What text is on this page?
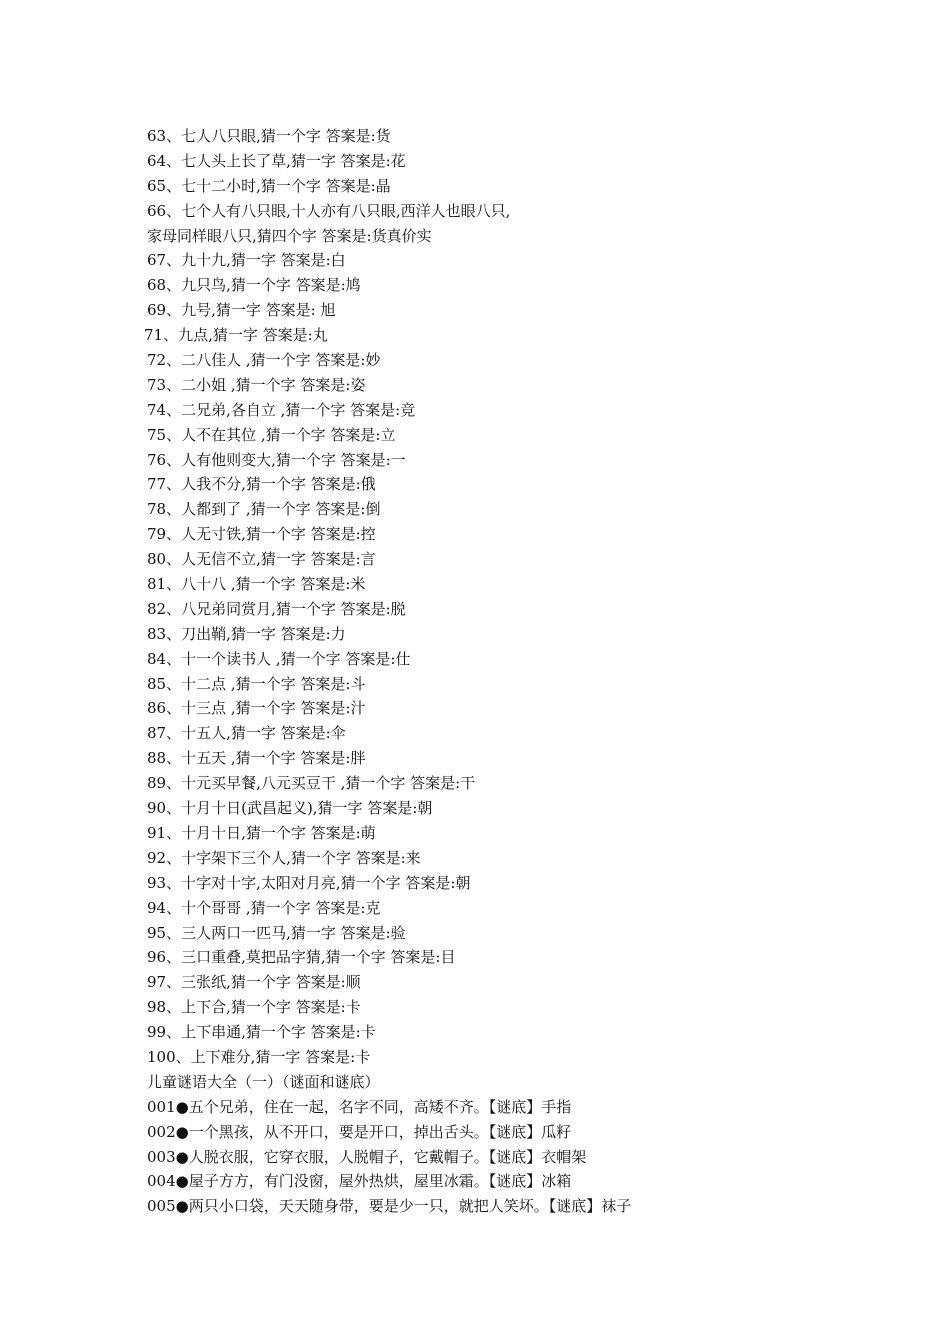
63、七人八只眼,猜一个字 答案是:货
64、七人头上长了草,猜一字 答案是:花
65、七十二小时,猜一个字 答案是:晶
66、七个人有八只眼,十人亦有八只眼,西洋人也眼八只,
家母同样眼八只,猜四个字 答案是:货真价实
67、九十九,猜一字 答案是:白
68、九只鸟,猜一个字 答案是:鸠
69、九号,猜一字 答案是: 旭
71、九点,猜一字 答案是:丸
72、二八佳人 ,猜一个字 答案是:妙
73、二小姐 ,猜一个字 答案是:姿
74、二兄弟,各自立 ,猜一个字 答案是:竞
75、人不在其位 ,猜一个字 答案是:立
76、人有他则变大,猜一个字 答案是:一
77、人我不分,猜一个字 答案是:俄
78、人都到了 ,猜一个字 答案是:倒
79、人无寸铁,猜一个字 答案是:控
80、人无信不立,猜一字 答案是:言
81、八十八 ,猜一个字 答案是:米
82、八兄弟同赏月,猜一个字 答案是:脱
83、刀出鞘,猜一字 答案是:力
84、十一个读书人 ,猜一个字 答案是:仕
85、十二点 ,猜一个字 答案是:斗
86、十三点 ,猜一个字 答案是:汁
87、十五人,猜一字 答案是:伞
88、十五天 ,猜一个字 答案是:胖
89、十元买早餐,八元买豆干 ,猜一个字 答案是:干
90、十月十日(武昌起义),猜一字 答案是:朝
91、十月十日,猜一个字 答案是:萌
92、十字架下三个人,猜一个字 答案是:来
93、十字对十字,太阳对月亮,猜一个字 答案是:朝
94、十个哥哥 ,猜一个字 答案是:克
95、三人两口一匹马,猜一字 答案是:验
96、三口重叠,莫把品字猜,猜一个字 答案是:目
97、三张纸,猜一个字 答案是:顺
98、上下合,猜一个字 答案是:卡
99、上下串通,猜一个字 答案是:卡
100、上下难分,猜一字 答案是:卡
儿童谜语大全（一）（谜面和谜底）
001●五个兄弟，住在一起，名字不同，高矮不齐。【谜底】手指
002●一个黑孩，从不开口，要是开口，掉出舌头。【谜底】瓜籽
003●人脱衣服，它穿衣服，人脱帽子，它戴帽子。【谜底】衣帽架
004●屋子方方，有门没窗，屋外热烘，屋里冰霜。【谜底】冰箱
005●两只小口袋，天天随身带，要是少一只，就把人笑坏。【谜底】袜子
